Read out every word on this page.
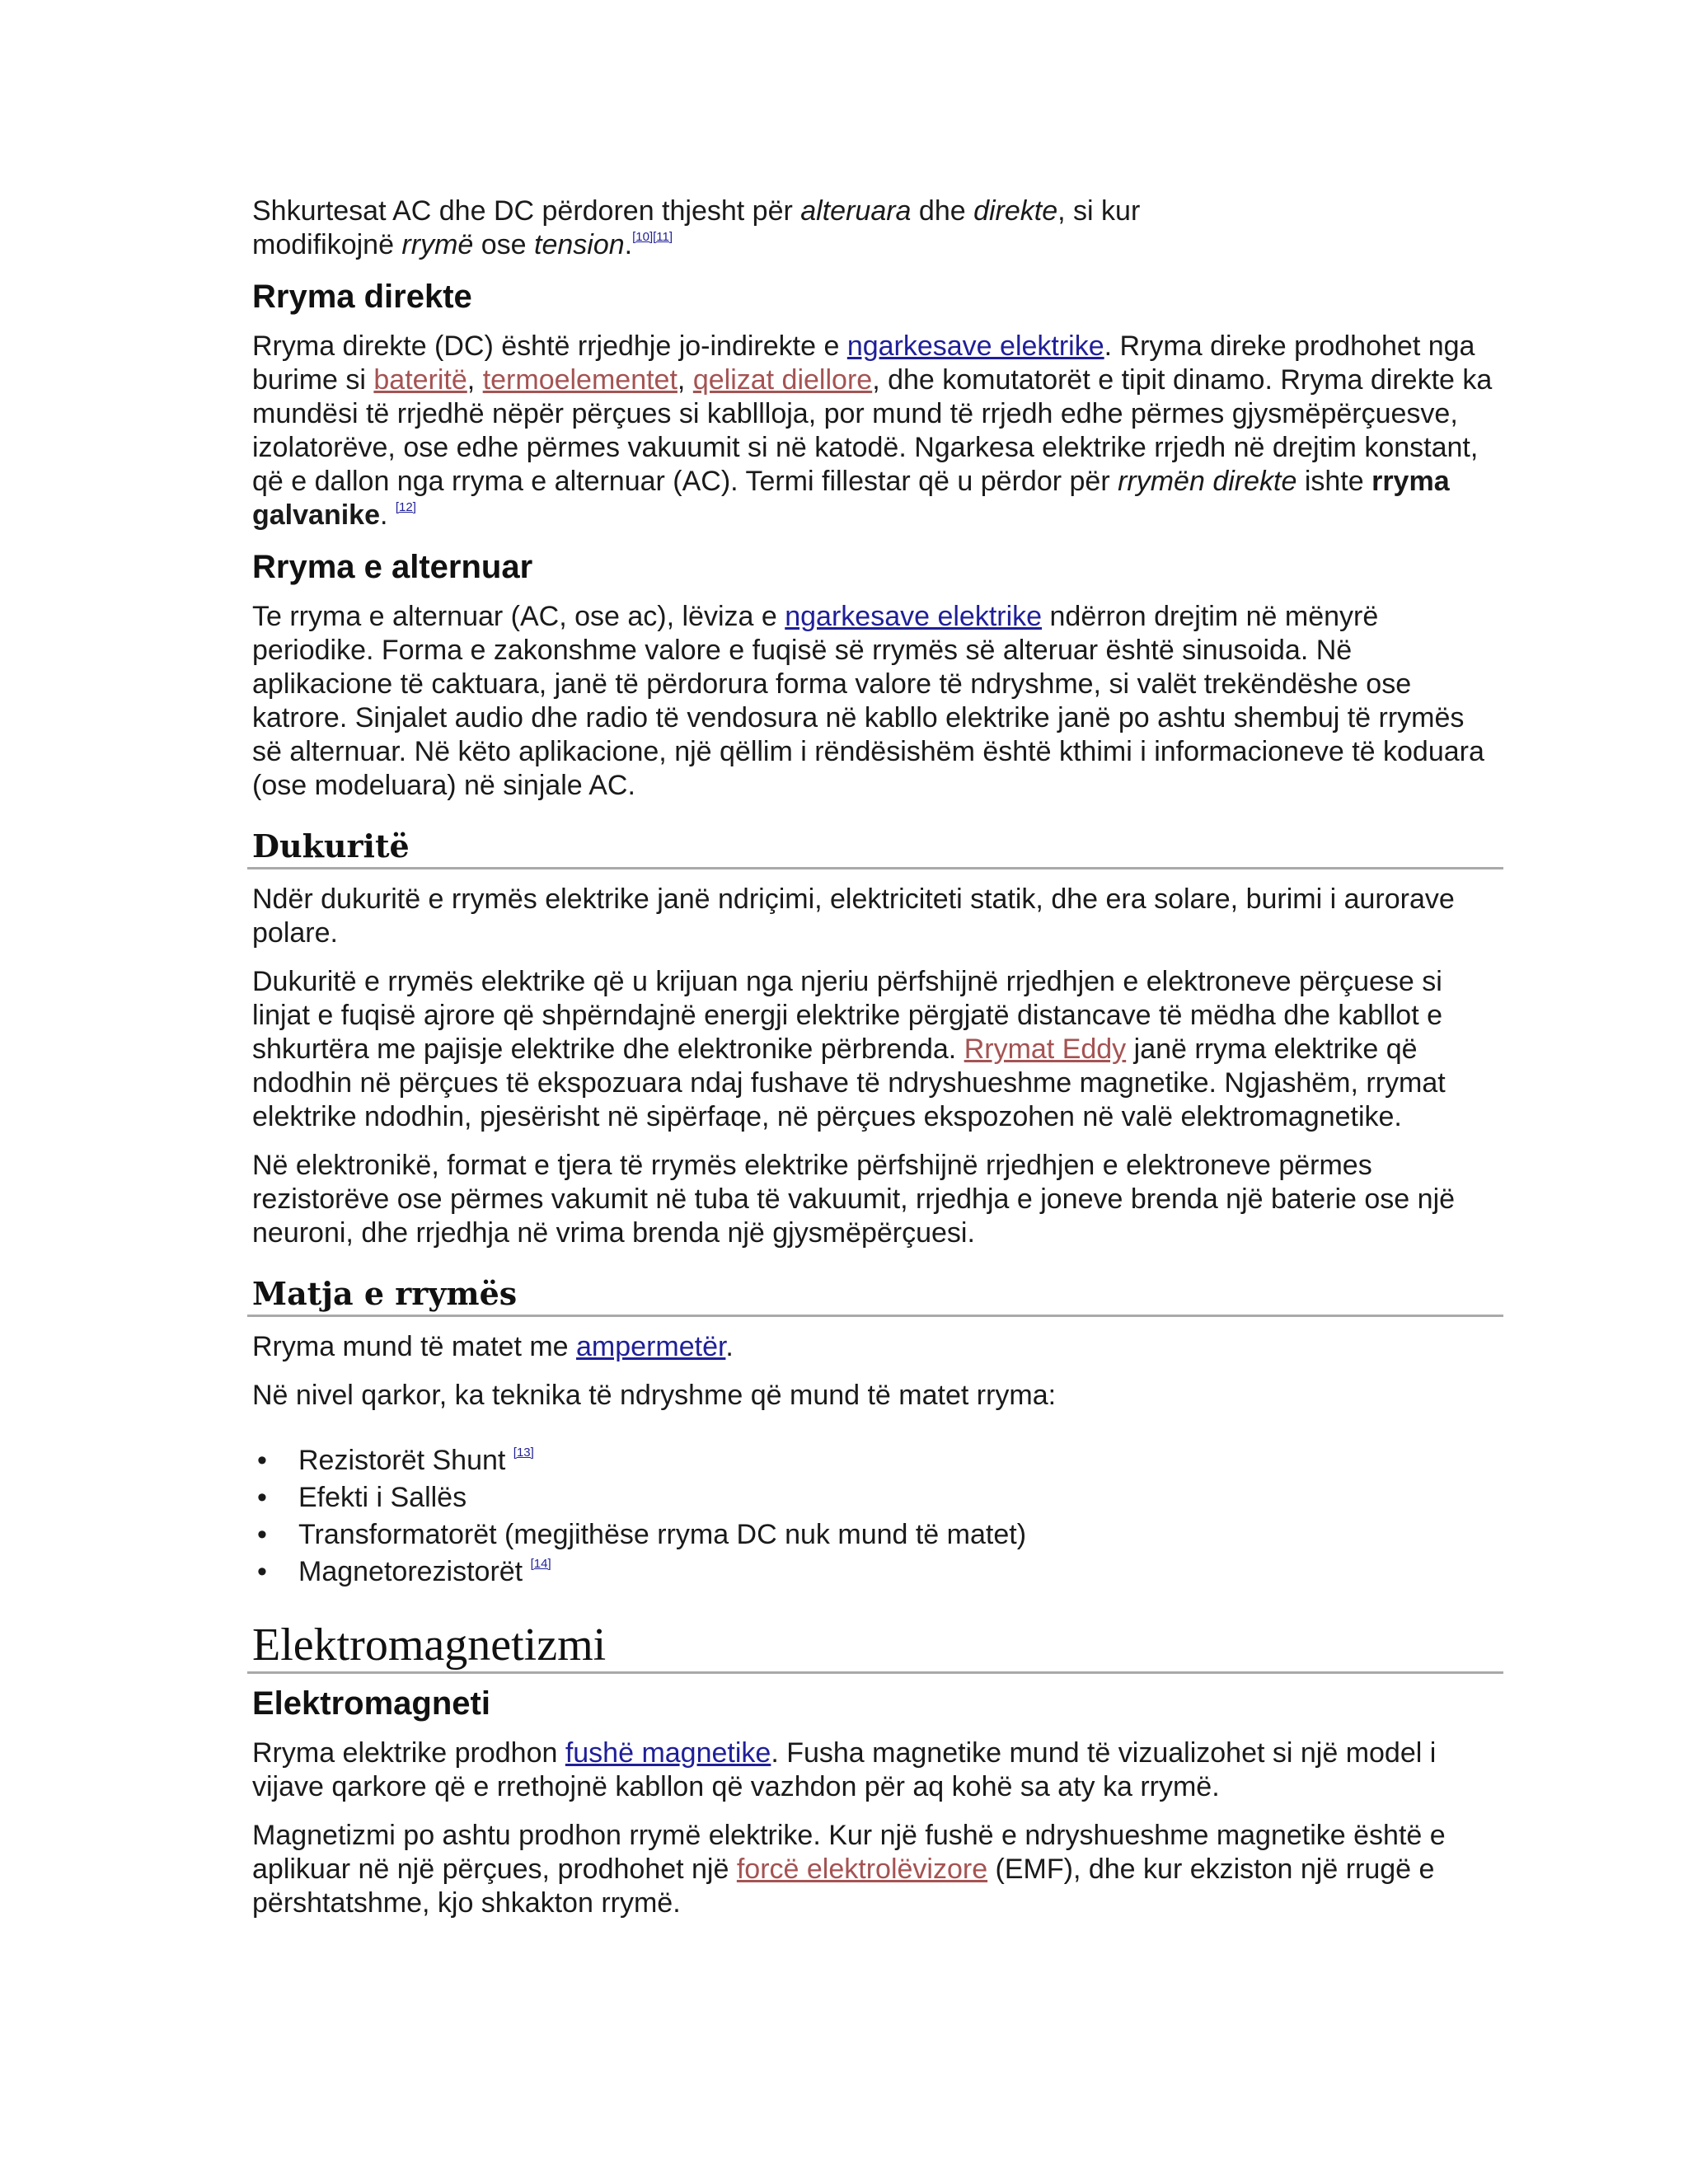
Shkurtesat AC dhe DC përdoren thjesht për alteruara dhe direkte, si kur
modifikojnë rrymë ose tension.[10][11]

Rryma direkte

Rryma direkte (DC) është rrjedhje jo-indirekte e ngarkesave elektrike. Rryma direke prodhohet nga burime si bateritë, termoelementet, qelizat diellore, dhe komutatorët e tipit dinamo. Rryma direkte ka mundësi të rrjedhë nëpër përçues si kabllloja, por mund të rrjedh edhe përmes gjysmëpërçuesve, izolatorëve, ose edhe përmes vakuumit si në katodë. Ngarkesa elektrike rrjedh në drejtim konstant, që e dallon nga rryma e alternuar (AC). Termi fillestar që u përdor për rrymën direkte ishte rryma galvanike. [12]

Rryma e alternuar

Te rryma e alternuar (AC, ose ac), lëviza e ngarkesave elektrike ndërron drejtim në mënyrë periodike. Forma e zakonshme valore e fuqisë së rrymës së alteruar është sinusoida. Në aplikacione të caktuara, janë të përdorura forma valore të ndryshme, si valët trekëndëshe ose katrore. Sinjalet audio dhe radio të vendosura në kabllo elektrike janë po ashtu shembuj të rrymës së alternuar. Në këto aplikacione, një qëllim i rëndësishëm është kthimi i informacioneve të koduara (ose modeluara) në sinjale AC.

Dukuritë

Ndër dukuritë e rrymës elektrike janë ndriçimi, elektriciteti statik, dhe era solare, burimi i aurorave polare.

Dukuritë e rrymës elektrike që u krijuan nga njeriu përfshijnë rrjedhjen e elektroneve përçuese si linjat e fuqisë ajrore që shpërndajnë energji elektrike përgjatë distancave të mëdha dhe kabllot e shkurtëra me pajisje elektrike dhe elektronike përbrenda. Rrymat Eddy janë rryma elektrike që ndodhin në përçues të ekspozuara ndaj fushave të ndryshueshme magnetike. Ngjashëm, rrymat elektrike ndodhin, pjesërisht në sipërfaqe, në përçues ekspozohen në valë elektromagnetike.

Në elektronikë, format e tjera të rrymës elektrike përfshijnë rrjedhjen e elektroneve përmes rezistorëve ose përmes vakumit në tuba të vakuumit, rrjedhja e joneve brenda një baterie ose një neuroni, dhe rrjedhja në vrima brenda një gjysmëpërçuesi.

Matja e rrymës

Rryma mund të matet me ampermetër.

Në nivel qarkor, ka teknika të ndryshme që mund të matet rryma:

• Rezistorët Shunt [13]
• Efekti i Sallës
• Transformatorët (megjithëse rryma DC nuk mund të matet)
• Magnetorezistorët [14]
Elektromagnetizmi
Elektromagneti

Rryma elektrike prodhon fushë magnetike. Fusha magnetike mund të vizualizohet si një model i vijave qarkore që e rrethojnë kabllon që vazhdon për aq kohë sa aty ka rrymë.

Magnetizmi po ashtu prodhon rrymë elektrike. Kur një fushë e ndryshueshme magnetike është e aplikuar në një përçues, prodhohet një forcë elektrolëvizore (EMF), dhe kur ekziston një rrugë e përshtatshme, kjo shkakton rrymë.
